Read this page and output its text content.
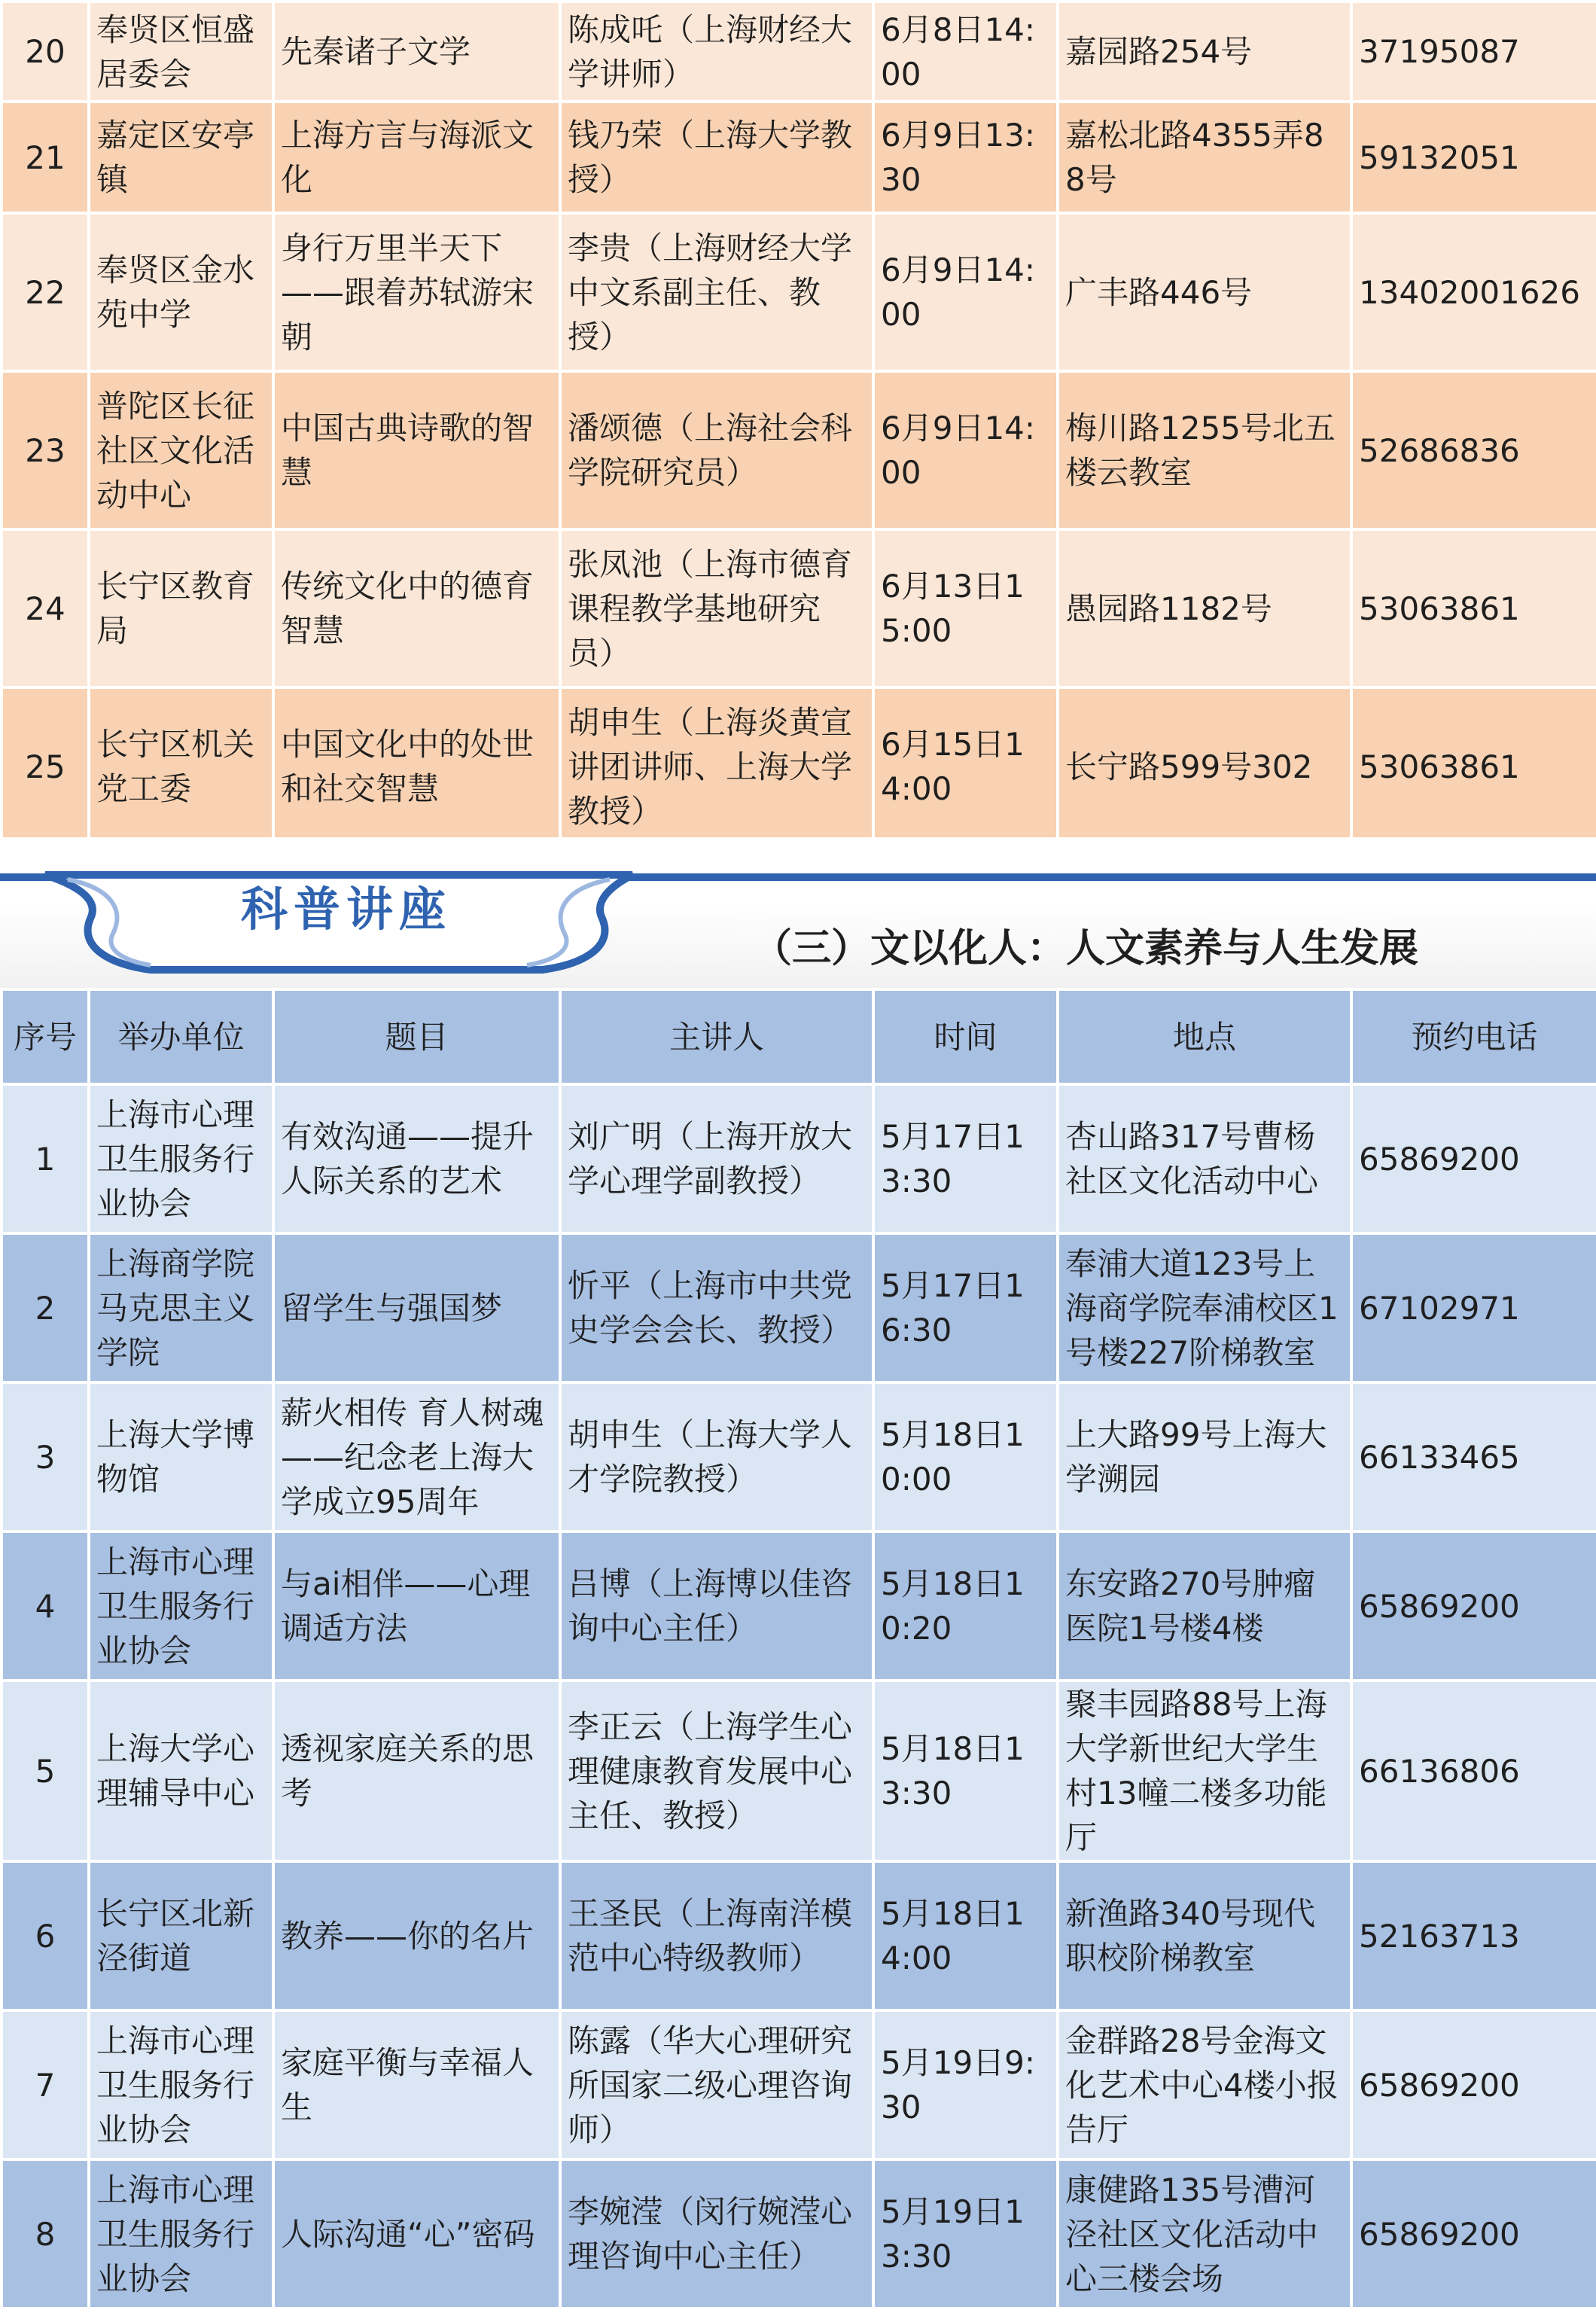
20	奉贤区恒盛居委会	先秦诸子文学	陈成吒（上海财经大学讲师）	6月8日14:00	嘉园路254号	37195087
21	嘉定区安亭镇	上海方言与海派文化	钱乃荣（上海大学教授）	6月9日13:30	嘉松北路4355弄88号	59132051
22	奉贤区金水苑中学	身行万里半天下——跟着苏轼游宋朝	李贵（上海财经大学中文系副主任、教授）	6月9日14:00	广丰路446号	13402001626
23	普陀区长征社区文化活动中心	中国古典诗歌的智慧	潘颂德（上海社会科学院研究员）	6月9日14:00	梅川路1255号北五楼云教室	52686836
24	长宁区教育局	传统文化中的德育智慧	张凤池（上海市德育课程教学基地研究员）	6月13日15:00	愚园路1182号	53063861
25	长宁区机关党工委	中国文化中的处世和社交智慧	胡申生（上海炎黄宣讲团讲师、上海大学教授）	6月15日14:00	长宁路599号302	53063861
科普讲座
（三）文以化人：人文素养与人生发展
序号	举办单位	题目	主讲人	时间	地点	预约电话
1	上海市心理卫生服务行业协会	有效沟通——提升人际关系的艺术	刘广明（上海开放大学心理学副教授）	5月17日13:30	杏山路317号曹杨社区文化活动中心	65869200
2	上海商学院马克思主义学院	留学生与强国梦	忻平（上海市中共党史学会会长、教授）	5月17日16:30	奉浦大道123号上海商学院奉浦校区1号楼227阶梯教室	67102971
3	上海大学博物馆	薪火相传 育人树魂——纪念老上海大学成立95周年	胡申生（上海大学人才学院教授）	5月18日10:00	上大路99号上海大学溯园	66133465
4	上海市心理卫生服务行业协会	与ai相伴——心理调适方法	吕博（上海博以佳咨询中心主任）	5月18日10:20	东安路270号肿瘤医院1号楼4楼	65869200
5	上海大学心理辅导中心	透视家庭关系的思考	李正云（上海学生心理健康教育发展中心主任、教授）	5月18日13:30	聚丰园路88号上海大学新世纪大学生村13幢二楼多功能厅	66136806
6	长宁区北新泾街道	教养——你的名片	王圣民（上海南洋模范中心特级教师）	5月18日14:00	新渔路340号现代职校阶梯教室	52163713
7	上海市心理卫生服务行业协会	家庭平衡与幸福人生	陈露（华大心理研究所国家二级心理咨询师）	5月19日9:30	金群路28号金海文化艺术中心4楼小报告厅	65869200
8	上海市心理卫生服务行业协会	人际沟通“心”密码	李婉滢（闵行婉滢心理咨询中心主任）	5月19日13:30	康健路135号漕河泾社区文化活动中心三楼会场	65869200
